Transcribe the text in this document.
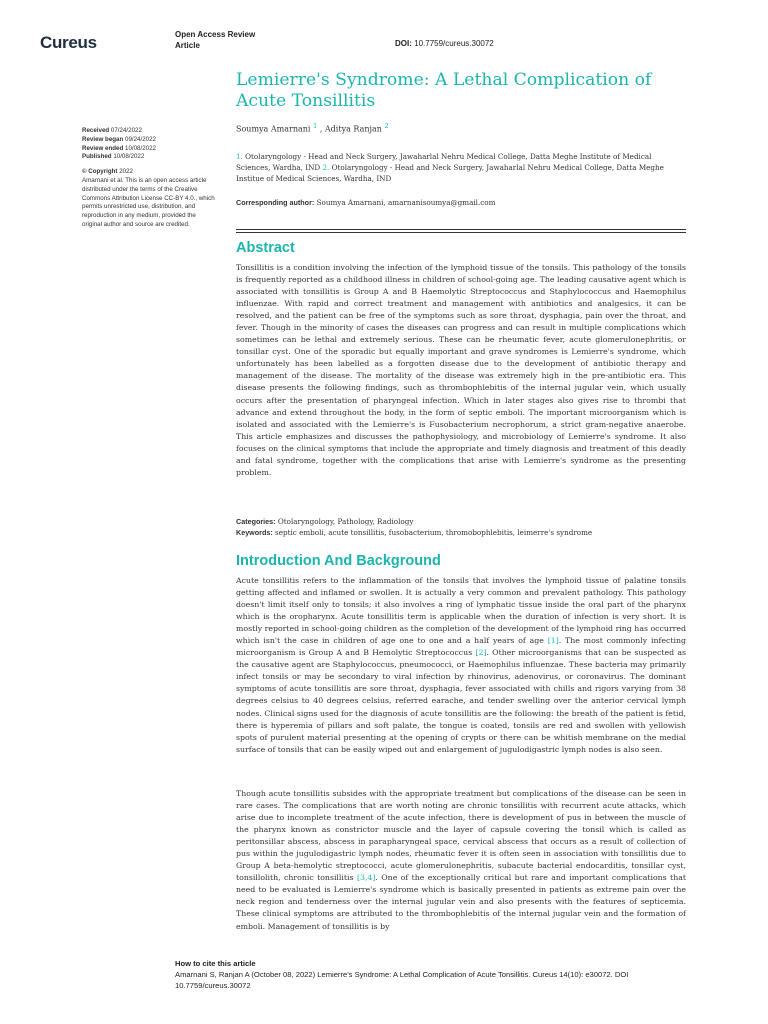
Cureus	Open Access Review
Article	DOI: 10.7759/cureus.30072
Lemierre's Syndrome: A Lethal Complication of Acute Tonsillitis
Soumya Amarnani $^1$ , Aditya Ranjan $^2$
1. Otolaryngology - Head and Neck Surgery, Jawaharlal Nehru Medical College, Datta Meghe Institute of Medical Sciences, Wardha, IND 2. Otolaryngology - Head and Neck Surgery, Jawaharlal Nehru Medical College, Datta Meghe Institue of Medical Sciences, Wardha, IND
Corresponding author: Soumya Amarnani, amarnanisoumya@gmail.com
Received 07/24/2022
Review began 09/24/2022
Review ended 10/08/2022
Published 10/08/2022
© Copyright 2022
Amarnani et al. This is an open access article distributed under the terms of the Creative Commons Attribution License CC-BY 4.0., which permits unrestricted use, distribution, and reproduction in any medium, provided the original author and source are credited.
Abstract

Tonsillitis is a condition involving the infection of the lymphoid tissue of the tonsils. This pathology of the tonsils is frequently reported as a childhood illness in children of school-going age. The leading causative agent which is associated with tonsillitis is Group A and B Haemolytic Streptococcus and Staphylococcus and Haemophilus influenzae. With rapid and correct treatment and management with antibiotics and analgesics, it can be resolved, and the patient can be free of the symptoms such as sore throat, dysphagia, pain over the throat, and fever. Though in the minority of cases the diseases can progress and can result in multiple complications which sometimes can be lethal and extremely serious. These can be rheumatic fever, acute glomerulonephritis, or tonsillar cyst. One of the sporadic but equally important and grave syndromes is Lemierre's syndrome, which unfortunately has been labelled as a forgotten disease due to the development of antibiotic therapy and management of the disease. The mortality of the disease was extremely high in the pre-antibiotic era. This disease presents the following findings, such as thrombophlebitis of the internal jugular vein, which usually occurs after the presentation of pharyngeal infection. Which in later stages also gives rise to thrombi that advance and extend throughout the body, in the form of septic emboli. The important microorganism which is isolated and associated with the Lemierre's is Fusobacterium necrophorum, a strict gram-negative anaerobe. This article emphasizes and discusses the pathophysiology, and microbiology of Lemierre's syndrome. It also focuses on the clinical symptoms that include the appropriate and timely diagnosis and treatment of this deadly and fatal syndrome, together with the complications that arise with Lemierre's syndrome as the presenting problem.

Categories: Otolaryngology, Pathology, Radiology
Keywords: septic emboli, acute tonsillitis, fusobacterium, thromobophlebitis, leimerre's syndrome
Introduction And Background

Acute tonsillitis refers to the inflammation of the tonsils that involves the lymphoid tissue of palatine tonsils getting affected and inflamed or swollen. It is actually a very common and prevalent pathology. This pathology doesn't limit itself only to tonsils; it also involves a ring of lymphatic tissue inside the oral part of the pharynx which is the oropharynx. Acute tonsillitis term is applicable when the duration of infection is very short. It is mostly reported in school-going children as the completion of the development of the lymphoid ring has occurred which isn't the case in children of age one to one and a half years of age [1]. The most commonly infecting microorganism is Group A and B Hemolytic Streptococcus [2]. Other microorganisms that can be suspected as the causative agent are Staphylococcus, pneumococci, or Haemophilus influenzae. These bacteria may primarily infect tonsils or may be secondary to viral infection by rhinovirus, adenovirus, or coronavirus. The dominant symptoms of acute tonsillitis are sore throat, dysphagia, fever associated with chills and rigors varying from 38 degrees celsius to 40 degrees celsius, referred earache, and tender swelling over the anterior cervical lymph nodes. Clinical signs used for the diagnosis of acute tonsillitis are the following: the breath of the patient is fetid, there is hyperemia of pillars and soft palate, the tongue is coated, tonsils are red and swollen with yellowish spots of purulent material presenting at the opening of crypts or there can be whitish membrane on the medial surface of tonsils that can be easily wiped out and enlargement of jugulodigastric lymph nodes is also seen.

Though acute tonsillitis subsides with the appropriate treatment but complications of the disease can be seen in rare cases. The complications that are worth noting are chronic tonsillitis with recurrent acute attacks, which arise due to incomplete treatment of the acute infection, there is development of pus in between the muscle of the pharynx known as constrictor muscle and the layer of capsule covering the tonsil which is called as peritonsillar abscess, abscess in parapharyngeal space, cervical abscess that occurs as a result of collection of pus within the jugulodigastric lymph nodes, rheumatic fever it is often seen in association with tonsillitis due to Group A beta-hemolytic streptococci, acute glomerulonephritis, subacute bacterial endocarditis, tonsillar cyst, tonsillolith, chronic tonsillitis [3,4]. One of the exceptionally critical but rare and important complications that need to be evaluated is Lemierre's syndrome which is basically presented in patients as extreme pain over the neck region and tenderness over the internal jugular vein and also presents with the features of septicemia. These clinical symptoms are attributed to the thrombophlebitis of the internal jugular vein and the formation of emboli. Management of tonsillitis is by

How to cite this article
Amarnani S, Ranjan A (October 08, 2022) Lemierre's Syndrome: A Lethal Complication of Acute Tonsillitis. Cureus 14(10): e30072. DOI 10.7759/cureus.30072
